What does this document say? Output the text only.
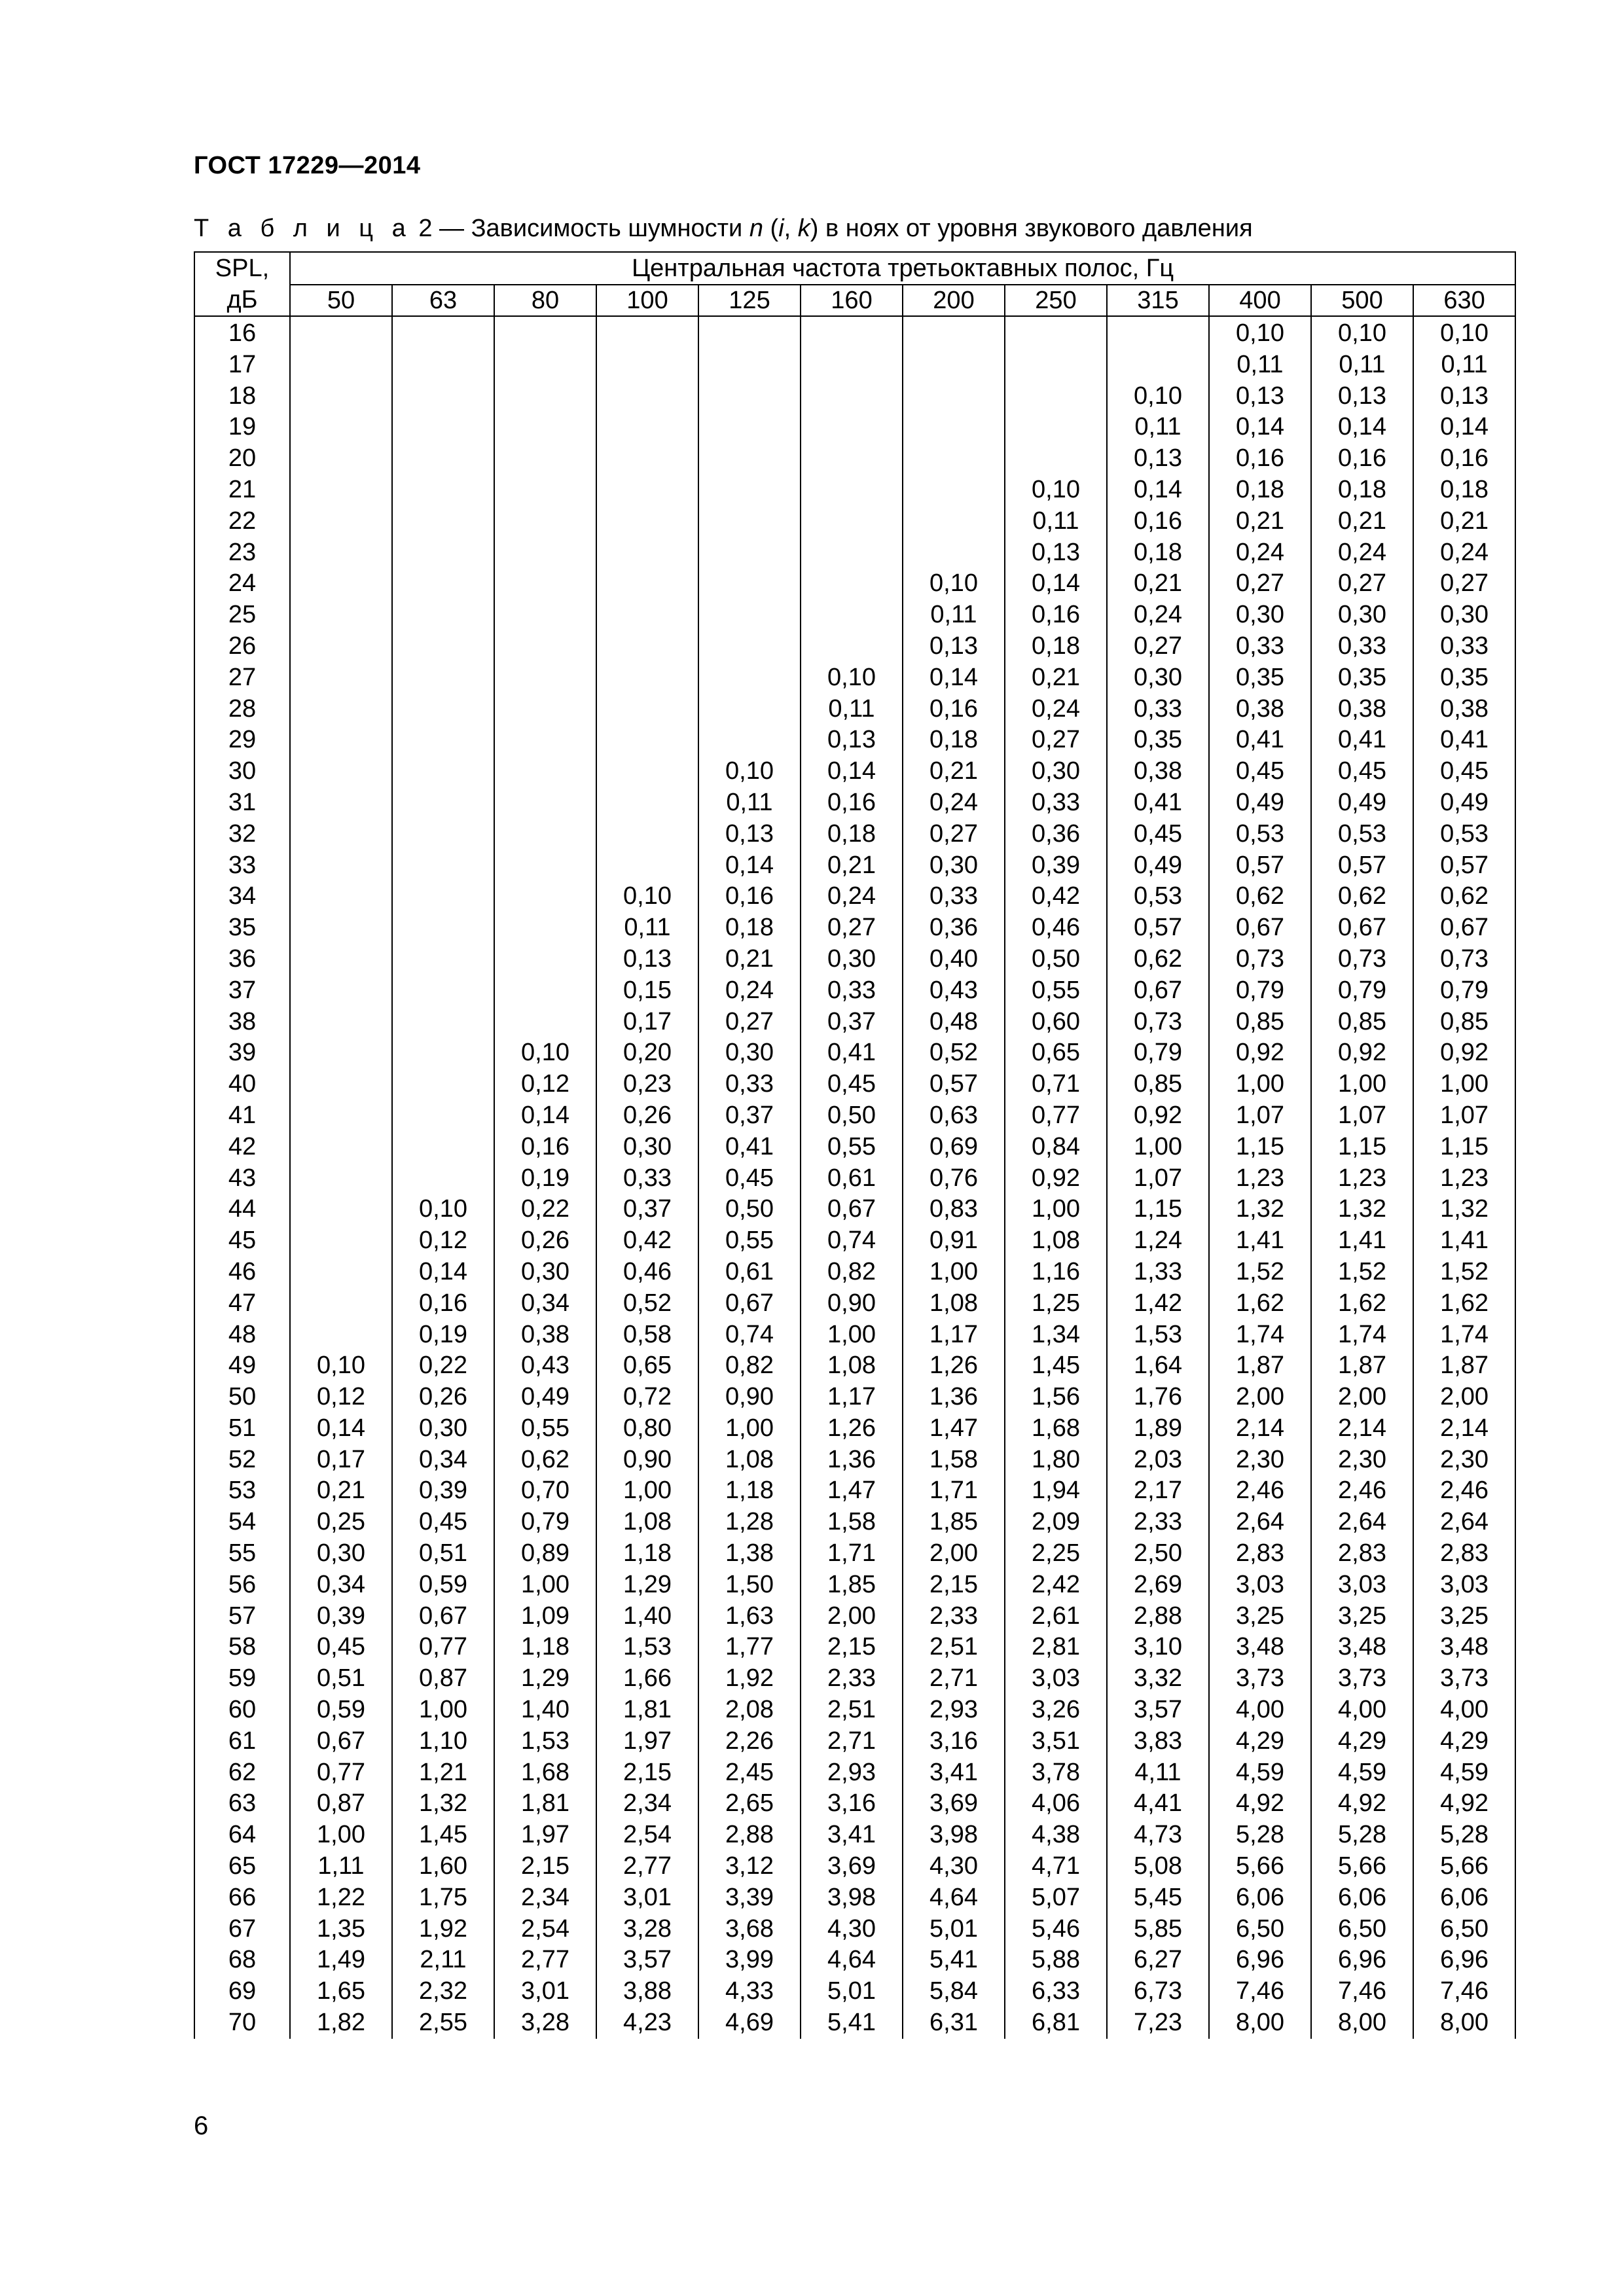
ГОСТ 17229—2014
Т а б л и ц а 2 — Зависимость шумности n (i, k) в ноях от уровня звукового давления
SPL,
дБ	Центральная частота третьоктавных полос, Гц											
	50	63	80	100	125	160	200	250	315	400	500	630
16										0,10	0,10	0,10
17										0,11	0,11	0,11
18									0,10	0,13	0,13	0,13
19									0,11	0,14	0,14	0,14
20									0,13	0,16	0,16	0,16
21								0,10	0,14	0,18	0,18	0,18
22								0,11	0,16	0,21	0,21	0,21
23								0,13	0,18	0,24	0,24	0,24
24							0,10	0,14	0,21	0,27	0,27	0,27
25							0,11	0,16	0,24	0,30	0,30	0,30
26							0,13	0,18	0,27	0,33	0,33	0,33
27						0,10	0,14	0,21	0,30	0,35	0,35	0,35
28						0,11	0,16	0,24	0,33	0,38	0,38	0,38
29						0,13	0,18	0,27	0,35	0,41	0,41	0,41
30					0,10	0,14	0,21	0,30	0,38	0,45	0,45	0,45
31					0,11	0,16	0,24	0,33	0,41	0,49	0,49	0,49
32					0,13	0,18	0,27	0,36	0,45	0,53	0,53	0,53
33					0,14	0,21	0,30	0,39	0,49	0,57	0,57	0,57
34				0,10	0,16	0,24	0,33	0,42	0,53	0,62	0,62	0,62
35				0,11	0,18	0,27	0,36	0,46	0,57	0,67	0,67	0,67
36				0,13	0,21	0,30	0,40	0,50	0,62	0,73	0,73	0,73
37				0,15	0,24	0,33	0,43	0,55	0,67	0,79	0,79	0,79
38				0,17	0,27	0,37	0,48	0,60	0,73	0,85	0,85	0,85
39			0,10	0,20	0,30	0,41	0,52	0,65	0,79	0,92	0,92	0,92
40			0,12	0,23	0,33	0,45	0,57	0,71	0,85	1,00	1,00	1,00
41			0,14	0,26	0,37	0,50	0,63	0,77	0,92	1,07	1,07	1,07
42			0,16	0,30	0,41	0,55	0,69	0,84	1,00	1,15	1,15	1,15
43			0,19	0,33	0,45	0,61	0,76	0,92	1,07	1,23	1,23	1,23
44		0,10	0,22	0,37	0,50	0,67	0,83	1,00	1,15	1,32	1,32	1,32
45		0,12	0,26	0,42	0,55	0,74	0,91	1,08	1,24	1,41	1,41	1,41
46		0,14	0,30	0,46	0,61	0,82	1,00	1,16	1,33	1,52	1,52	1,52
47		0,16	0,34	0,52	0,67	0,90	1,08	1,25	1,42	1,62	1,62	1,62
48		0,19	0,38	0,58	0,74	1,00	1,17	1,34	1,53	1,74	1,74	1,74
49	0,10	0,22	0,43	0,65	0,82	1,08	1,26	1,45	1,64	1,87	1,87	1,87
50	0,12	0,26	0,49	0,72	0,90	1,17	1,36	1,56	1,76	2,00	2,00	2,00
51	0,14	0,30	0,55	0,80	1,00	1,26	1,47	1,68	1,89	2,14	2,14	2,14
52	0,17	0,34	0,62	0,90	1,08	1,36	1,58	1,80	2,03	2,30	2,30	2,30
53	0,21	0,39	0,70	1,00	1,18	1,47	1,71	1,94	2,17	2,46	2,46	2,46
54	0,25	0,45	0,79	1,08	1,28	1,58	1,85	2,09	2,33	2,64	2,64	2,64
55	0,30	0,51	0,89	1,18	1,38	1,71	2,00	2,25	2,50	2,83	2,83	2,83
56	0,34	0,59	1,00	1,29	1,50	1,85	2,15	2,42	2,69	3,03	3,03	3,03
57	0,39	0,67	1,09	1,40	1,63	2,00	2,33	2,61	2,88	3,25	3,25	3,25
58	0,45	0,77	1,18	1,53	1,77	2,15	2,51	2,81	3,10	3,48	3,48	3,48
59	0,51	0,87	1,29	1,66	1,92	2,33	2,71	3,03	3,32	3,73	3,73	3,73
60	0,59	1,00	1,40	1,81	2,08	2,51	2,93	3,26	3,57	4,00	4,00	4,00
61	0,67	1,10	1,53	1,97	2,26	2,71	3,16	3,51	3,83	4,29	4,29	4,29
62	0,77	1,21	1,68	2,15	2,45	2,93	3,41	3,78	4,11	4,59	4,59	4,59
63	0,87	1,32	1,81	2,34	2,65	3,16	3,69	4,06	4,41	4,92	4,92	4,92
64	1,00	1,45	1,97	2,54	2,88	3,41	3,98	4,38	4,73	5,28	5,28	5,28
65	1,11	1,60	2,15	2,77	3,12	3,69	4,30	4,71	5,08	5,66	5,66	5,66
66	1,22	1,75	2,34	3,01	3,39	3,98	4,64	5,07	5,45	6,06	6,06	6,06
67	1,35	1,92	2,54	3,28	3,68	4,30	5,01	5,46	5,85	6,50	6,50	6,50
68	1,49	2,11	2,77	3,57	3,99	4,64	5,41	5,88	6,27	6,96	6,96	6,96
69	1,65	2,32	3,01	3,88	4,33	5,01	5,84	6,33	6,73	7,46	7,46	7,46
70	1,82	2,55	3,28	4,23	4,69	5,41	6,31	6,81	7,23	8,00	8,00	8,00
6
